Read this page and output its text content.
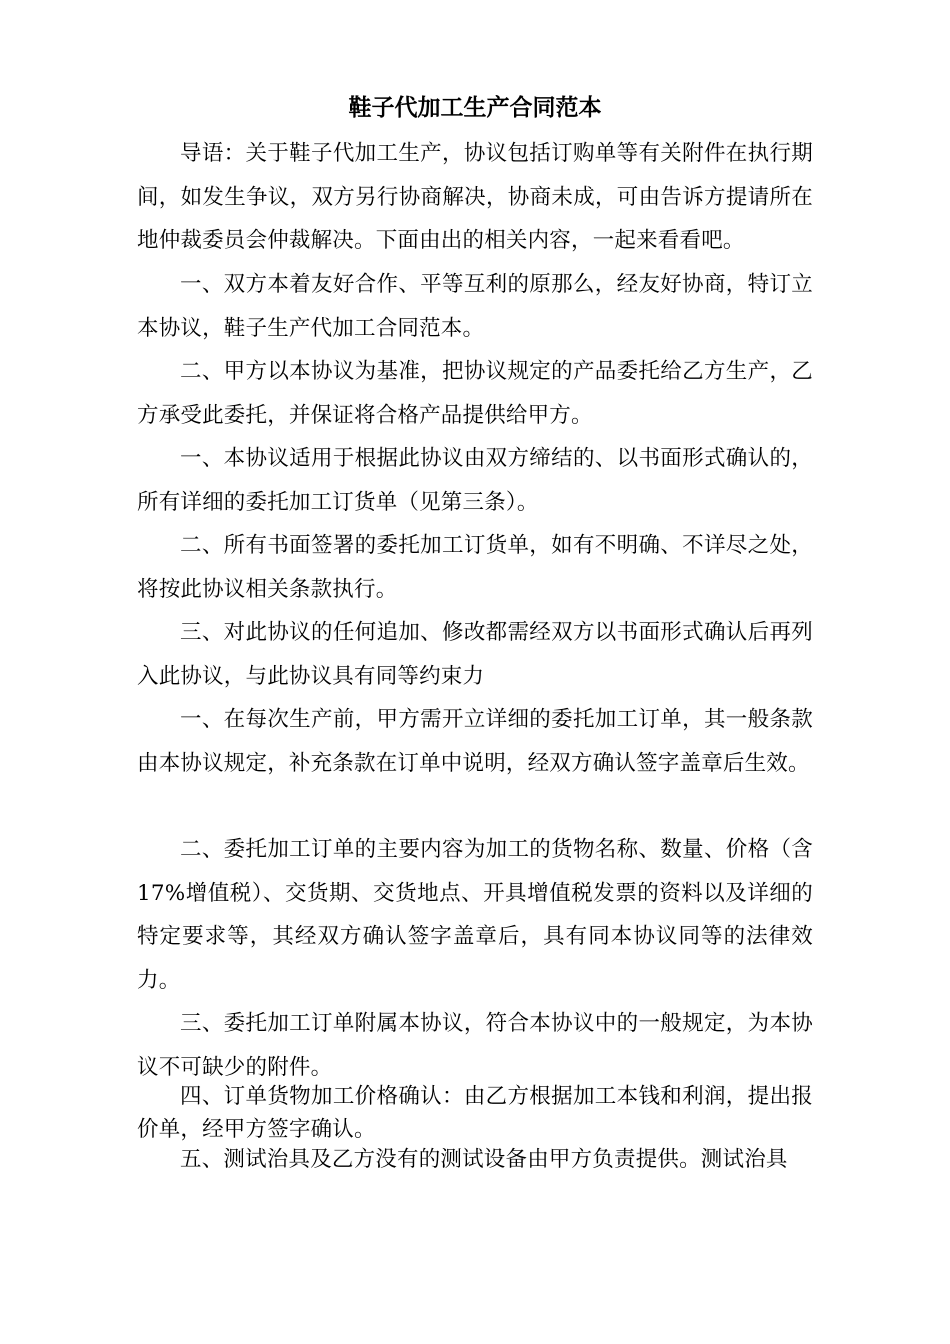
鞋子代加工生产合同范本

导语：关于鞋子代加工生产，协议包括订购单等有关附件在执行期间，如发生争议，双方另行协商解决，协商未成，可由告诉方提请所在地仲裁委员会仲裁解决。下面由出的相关内容，一起来看看吧。

一、双方本着友好合作、平等互利的原那么，经友好协商，特订立本协议，鞋子生产代加工合同范本。

二、甲方以本协议为基准，把协议规定的产品委托给乙方生产，乙方承受此委托，并保证将合格产品提供给甲方。

一、本协议适用于根据此协议由双方缔结的、以书面形式确认的，所有详细的委托加工订货单（见第三条）。

二、所有书面签署的委托加工订货单，如有不明确、不详尽之处，将按此协议相关条款执行。

三、对此协议的任何追加、修改都需经双方以书面形式确认后再列入此协议，与此协议具有同等约束力

一、在每次生产前，甲方需开立详细的委托加工订单，其一般条款由本协议规定，补充条款在订单中说明，经双方确认签字盖章后生效。

二、委托加工订单的主要内容为加工的货物名称、数量、价格（含17%增值税）、交货期、交货地点、开具增值税发票的资料以及详细的特定要求等，其经双方确认签字盖章后，具有同本协议同等的法律效力。

三、委托加工订单附属本协议，符合本协议中的一般规定，为本协议不可缺少的附件。

四、订单货物加工价格确认：由乙方根据加工本钱和利润，提出报价单，经甲方签字确认。

五、测试治具及乙方没有的测试设备由甲方负责提供。测试治具
